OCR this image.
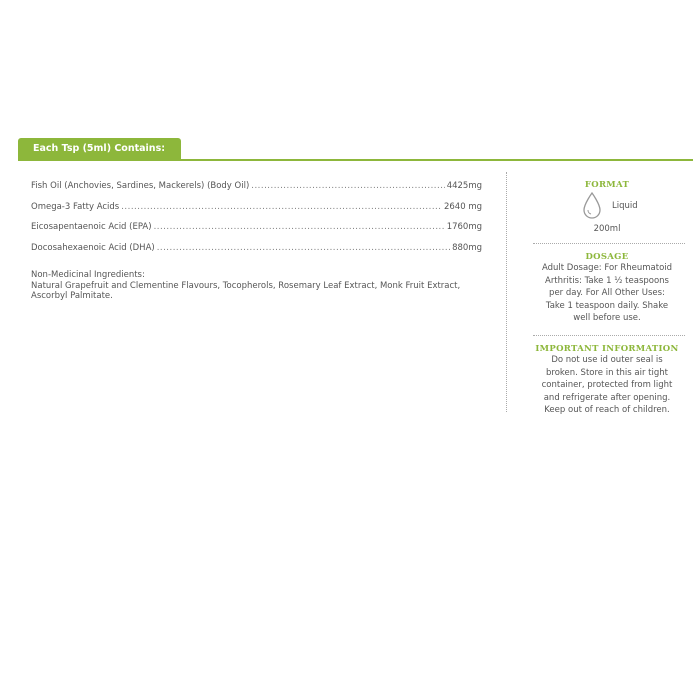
Each Tsp (5ml) Contains:
Fish Oil (Anchovies, Sardines, Mackerels) (Body Oil) .....	4425mg
Omega-3 Fatty Acids .....	2640 mg
Eicosapentaenoic Acid (EPA) .....	1760mg
Docosahexaenoic Acid (DHA) .....	880mg
Non-Medicinal Ingredients:
Natural Grapefruit and Clementine Flavours, Tocopherols, Rosemary Leaf Extract, Monk Fruit Extract,
Ascorbyl Palmitate.
FORMAT
Liquid
200ml
DOSAGE
Adult Dosage: For Rheumatoid
Arthritis: Take 1 ½ teaspoons
per day. For All Other Uses:
Take 1 teaspoon daily. Shake
well before use.
IMPORTANT INFORMATION
Do not use id outer seal is
broken. Store in this air tight
container, protected from light
and refrigerate after opening.
Keep out of reach of children.
